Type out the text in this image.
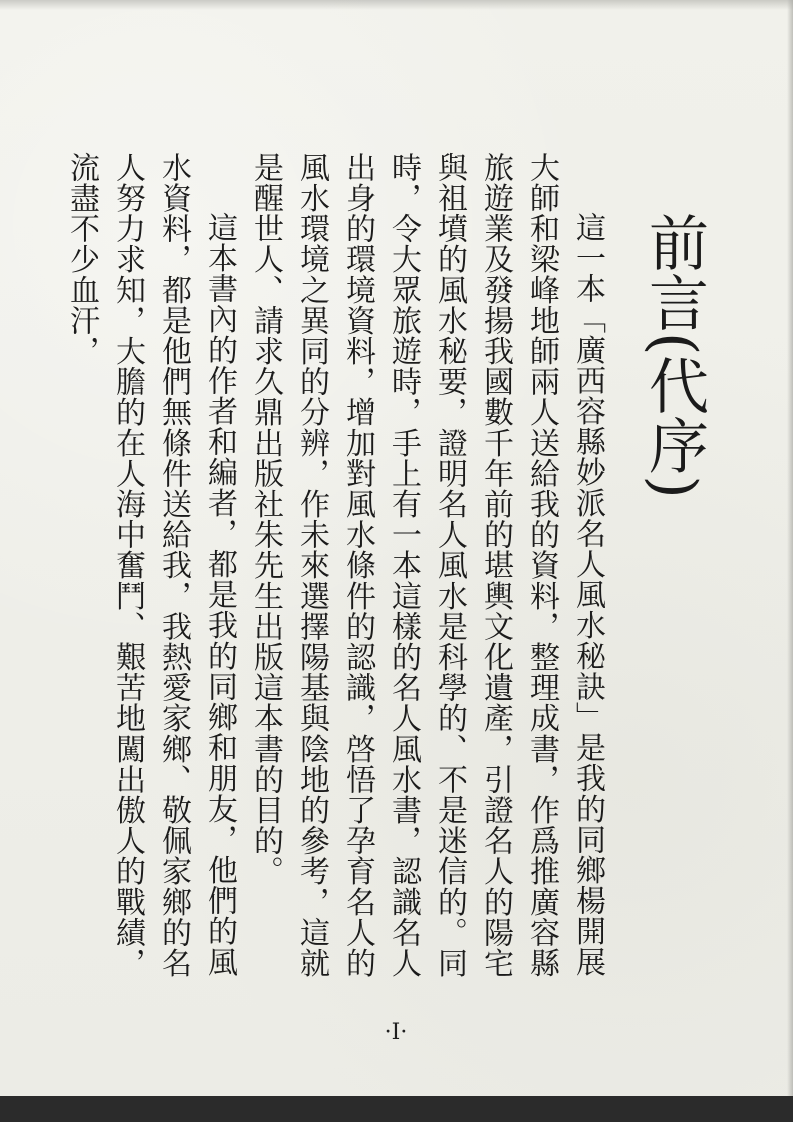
前言(代序)

這一本「廣西容縣妙派名人風水秘訣」是我的同鄉楊開展大師和梁峰地師兩人送給我的資料，整理成書，作爲推廣容縣旅遊業及發揚我國數千年前的堪輿文化遺產，引證名人的陽宅與祖墳的風水秘要，證明名人風水是科學的、不是迷信的。同時，令大眾旅遊時，手上有一本這樣的名人風水書，認識名人出身的環境資料，增加對風水條件的認識，啓悟了孕育名人的風水環境之異同的分辨，作未來選擇陽基與陰地的參考，這就是醒世人、請求久鼎出版社朱先生出版這本書的目的。

這本書內的作者和編者，都是我的同鄉和朋友，他們的風水資料，都是他們無條件送給我，我熱愛家鄉、敬佩家鄉的名人努力求知，大膽的在人海中奮鬥、艱苦地闖出傲人的戰績，流盡不少血汗，

·I·
